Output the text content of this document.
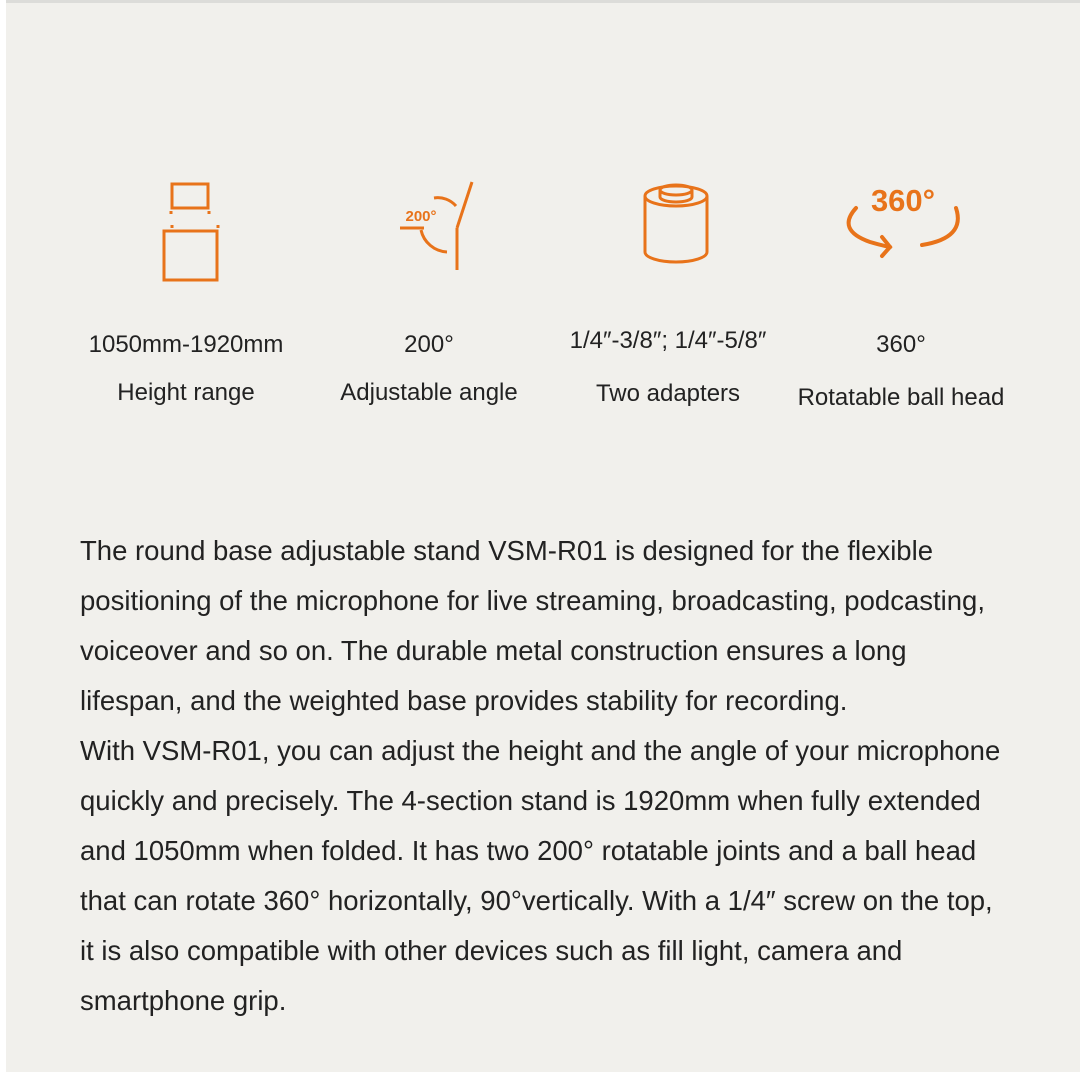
1050mm-1920mm
Height range
200°
200°
Adjustable angle
1/4″-3/8″; 1/4″-5/8″
Two adapters
360°
360°
Rotatable ball head

The round base adjustable stand VSM-R01 is designed for the flexible positioning of the microphone for live streaming, broadcasting, podcasting, voiceover and so on. The durable metal construction ensures a long lifespan, and the weighted base provides stability for recording.

With VSM-R01, you can adjust the height and the angle of your microphone quickly and precisely. The 4-section stand is 1920mm when fully extended and 1050mm when folded. It has two 200° rotatable joints and a ball head that can rotate 360° horizontally, 90°vertically. With a 1/4″ screw on the top, it is also compatible with other devices such as fill light, camera and smartphone grip.
